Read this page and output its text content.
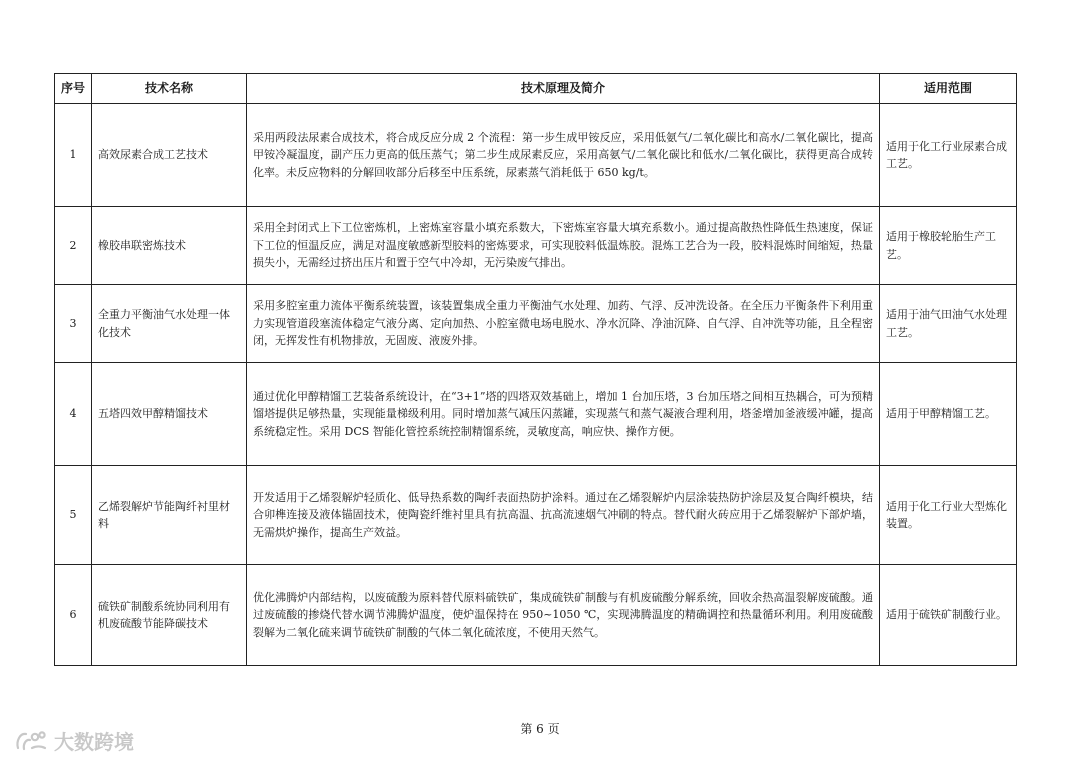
序号	技术名称	技术原理及简介	适用范围
1	高效尿素合成工艺技术	采用两段法尿素合成技术，将合成反应分成 2 个流程：第一步生成甲铵反应，采用低氨气/二氧化碳比和高水/二氧化碳比，提高甲铵冷凝温度，副产压力更高的低压蒸气；第二步生成尿素反应，采用高氨气/二氧化碳比和低水/二氧化碳比，获得更高合成转化率。未反应物料的分解回收部分后移至中压系统，尿素蒸气消耗低于 650 kg/t。	适用于化工行业尿素合成工艺。
2	橡胶串联密炼技术	采用全封闭式上下工位密炼机，上密炼室容量小填充系数大，下密炼室容量大填充系数小。通过提高散热性降低生热速度，保证下工位的恒温反应，满足对温度敏感新型胶料的密炼要求，可实现胶料低温炼胶。混炼工艺合为一段，胶料混炼时间缩短，热量损失小，无需经过挤出压片和置于空气中冷却，无污染废气排出。	适用于橡胶轮胎生产工艺。
3	全重力平衡油气水处理一体化技术	采用多腔室重力流体平衡系统装置，该装置集成全重力平衡油气水处理、加药、气浮、反冲洗设备。在全压力平衡条件下利用重力实现管道段塞流体稳定气液分离、定向加热、小腔室微电场电脱水、净水沉降、净油沉降、自气浮、自冲洗等功能，且全程密闭，无挥发性有机物排放，无固废、液废外排。	适用于油气田油气水处理工艺。
4	五塔四效甲醇精馏技术	通过优化甲醇精馏工艺装备系统设计，在“3+1”塔的四塔双效基础上，增加 1 台加压塔，3 台加压塔之间相互热耦合，可为预精馏塔提供足够热量，实现能量梯级利用。同时增加蒸气减压闪蒸罐，实现蒸气和蒸气凝液合理利用，塔釜增加釜液缓冲罐，提高系统稳定性。采用 DCS 智能化管控系统控制精馏系统，灵敏度高，响应快、操作方便。	适用于甲醇精馏工艺。
5	乙烯裂解炉节能陶纤衬里材料	开发适用于乙烯裂解炉轻质化、低导热系数的陶纤表面热防护涂料。通过在乙烯裂解炉内层涂装热防护涂层及复合陶纤模块，结合卯榫连接及液体锚固技术，使陶瓷纤维衬里具有抗高温、抗高流速烟气冲刷的特点。替代耐火砖应用于乙烯裂解炉下部炉墙，无需烘炉操作，提高生产效益。	适用于化工行业大型炼化装置。
6	硫铁矿制酸系统协同利用有机废硫酸节能降碳技术	优化沸腾炉内部结构，以废硫酸为原料替代原料硫铁矿，集成硫铁矿制酸与有机废硫酸分解系统，回收余热高温裂解废硫酸。通过废硫酸的掺烧代替水调节沸腾炉温度，使炉温保持在 950~1050 ℃，实现沸腾温度的精确调控和热量循环利用。利用废硫酸裂解为二氧化硫来调节硫铁矿制酸的气体二氧化硫浓度，不使用天然气。	适用于硫铁矿制酸行业。
第 6 页
大数跨境
